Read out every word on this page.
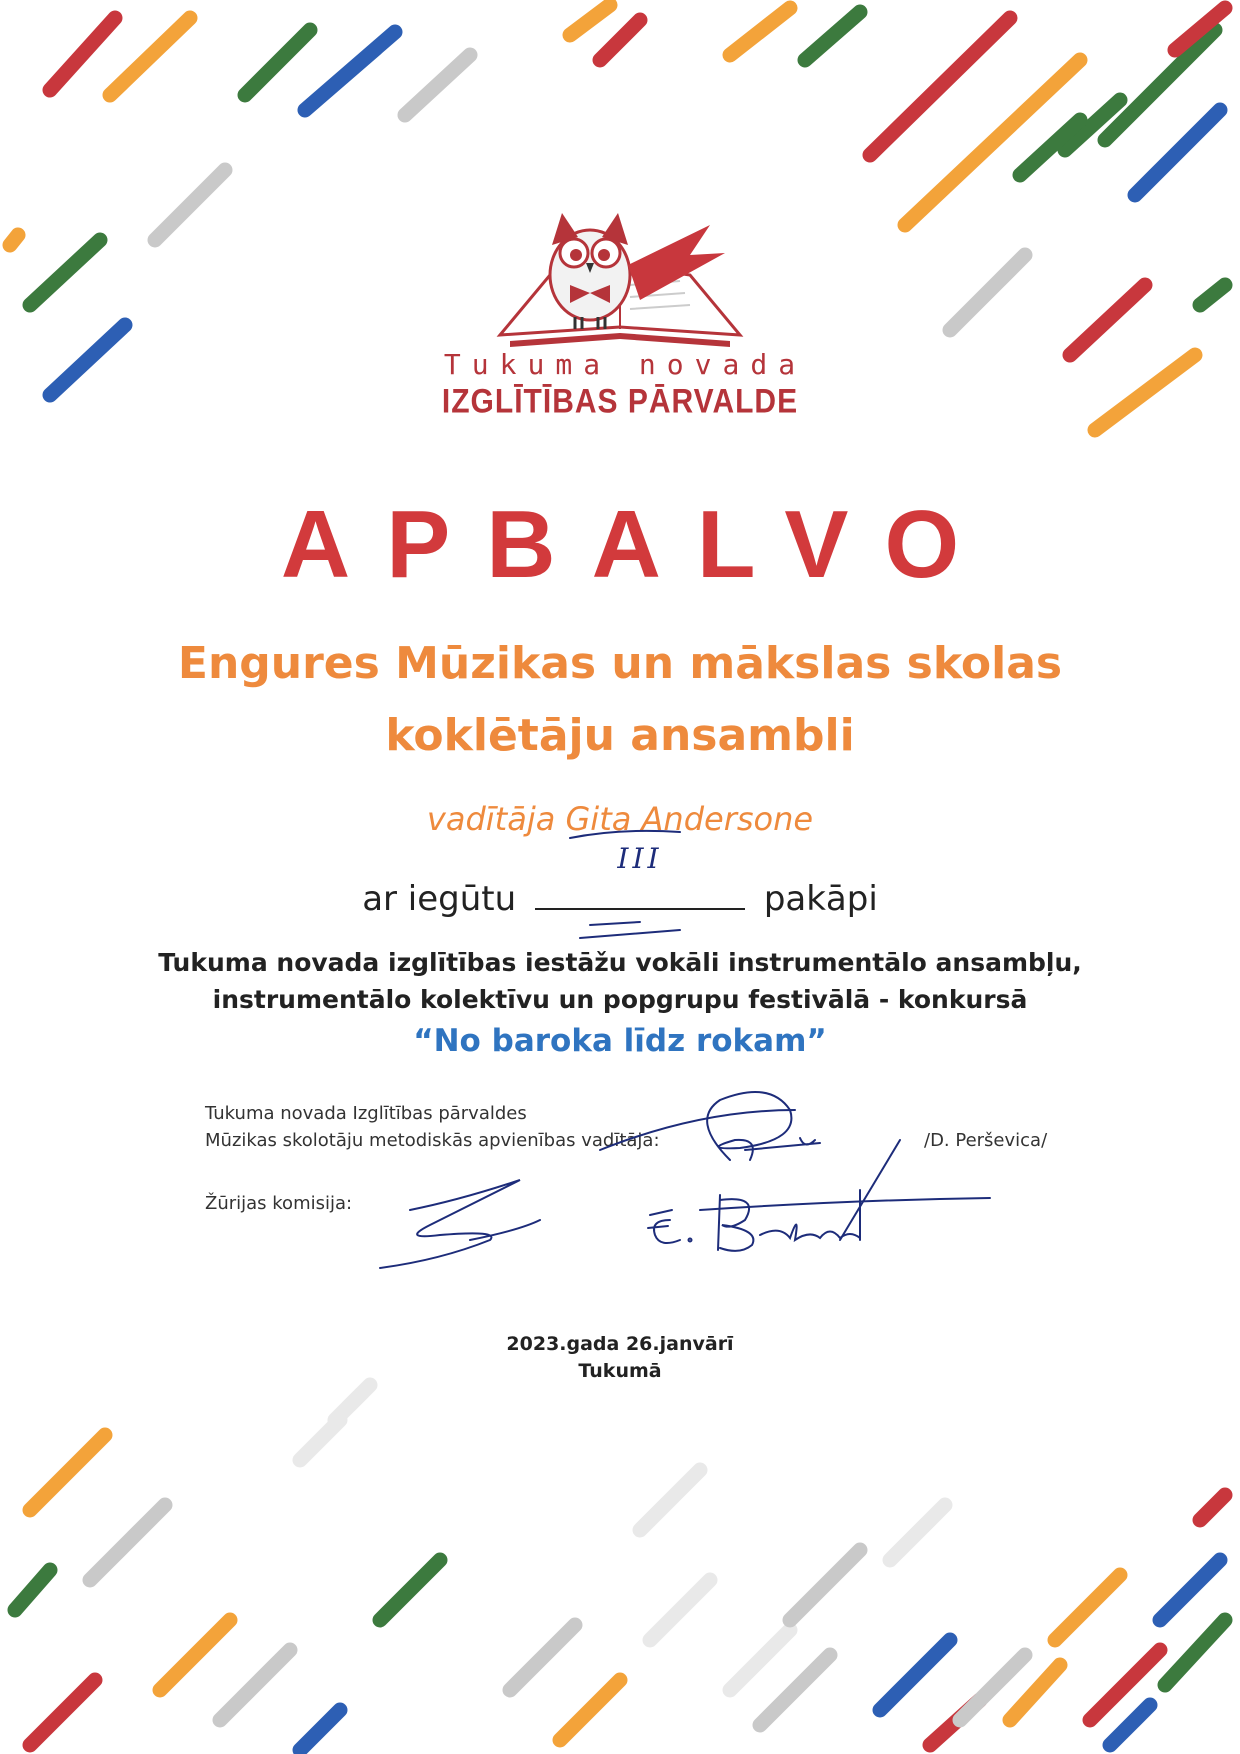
Tukuma novada
IZGLĪTĪBAS PĀRVALDE
APBALVO
Engures Mūzikas un mākslas skolas
koklētāju ansambli
vadītāja Gita Andersone
ar iegūtu
III
pakāpi
Tukuma novada izglītības iestāžu vokāli instrumentālo ansambļu,
instrumentālo kolektīvu un popgrupu festivālā - konkursā
“No baroka līdz rokam”
Tukuma novada Izglītības pārvaldes
Mūzikas skolotāju metodiskās apvienības vadītāja:	/D. Perševica/
Žūrijas komisija:
2023.gada 26.janvārī
Tukumā
